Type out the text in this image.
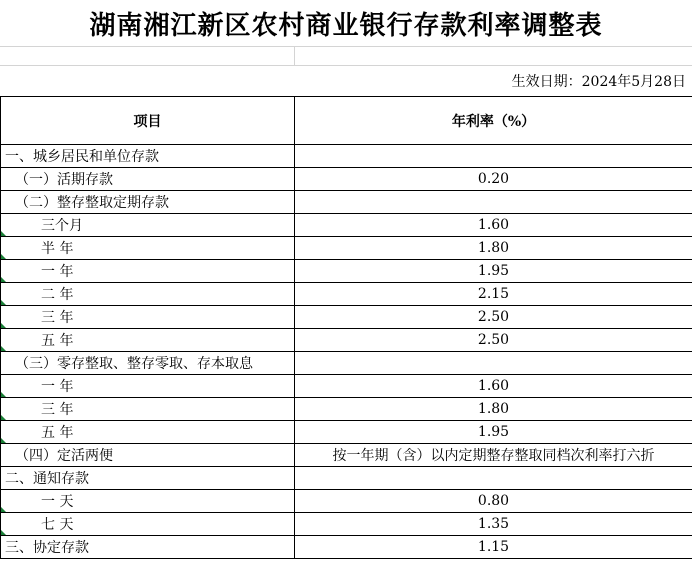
湖南湘江新区农村商业银行存款利率调整表
生效日期：2024年5月28日
项目	年利率（%）
一、城乡居民和单位存款	
（一）活期存款	0.20
（二）整存整取定期存款	

三个月	1.60

半 年	1.80

一 年	1.95

二 年	2.15

三 年	2.50

五 年	2.50
（三）零存整取、整存零取、存本取息	

一 年	1.60

三 年	1.80

五 年	1.95
（四）定活两便	按一年期（含）以内定期整存整取同档次利率打六折
二、通知存款	

一 天	0.80

七 天	1.35
三、协定存款	1.15
